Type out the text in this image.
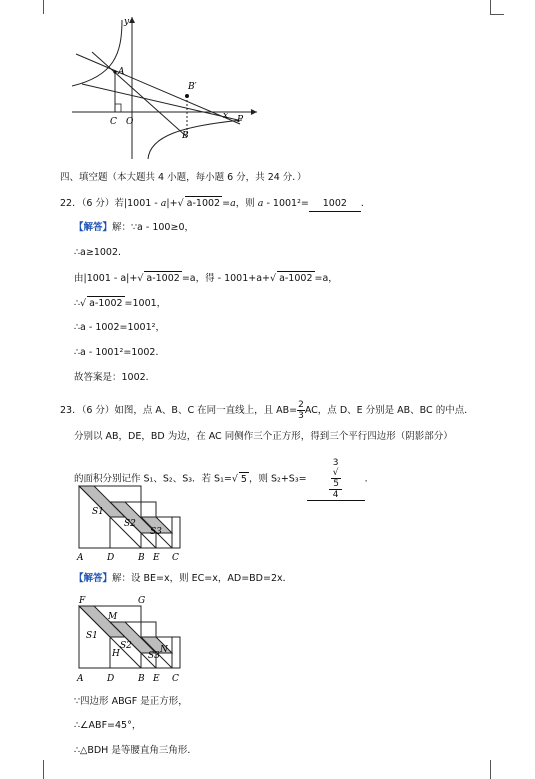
y
A
B′
C O
B
x P
四、填空题（本大题共 4 小题，每小题 6 分，共 24 分．）
22．（6 分）若|1001 - a|+√ a-1002 =a，则 a - 1001²= 1002 ．
【解答】解：∵a - 100≥0，
∴a≥1002．
由|1001 - a|+√ a-1002 =a，得 - 1001+a+√ a-1002 =a，
∴√ a-1002 =1001，
∴a - 1002=1001²，
∴a - 1001²=1002．
故答案是：1002．
23．（6 分）如图，点 A、B、C 在同一直线上，且 $AB= \frac{2}{3}$ AC，点 D、E 分别是 AB、BC 的中点．
分别以 AB，DE，BD 为边，在 AC 同侧作三个正方形，得到三个平行四边形（阴影部分）
的面积分别记作 S₁、S₂、S₃．若 S₁=√ 5 ，则 S₂+S₃=	3
√
5
4 ．
S1
S2
S3
A	D	B E C
【解答】解：设 BE=x，则 EC=x，AD=BD=2x．
F	G
M
S1
S2
H	S3
N
A	D	B E C
∵四边形 ABGF 是正方形，
∴∠ABF=45°，
∴△BDH 是等腰直角三角形．
